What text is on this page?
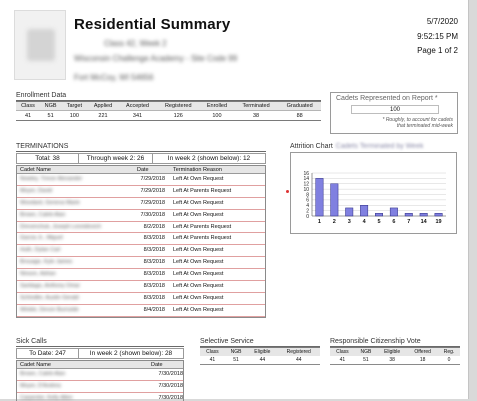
Residential Summary
Class 42, Week 2
Wisconsin Challenge Academy - Site Code 99
Fort McCoy, WI 54656
5/7/2020
9:52:15 PM
Page 1 of 2
Enrollment Data
Class	NGB	Target	Applied	Accepted	Registered	Enrolled	Terminated	Graduated
41	51	100	221	341	126	100	38	88
Cadets Represented on Report *
100
* Roughly, to account for cadets
that terminated mid-week
TERMINATIONS
Total: 38	Through week 2: 26	In week 2 (shown below): 12
Cadet Name	Date	Termination Reason
Nowley, Trevor Alexander	7/29/2018	Left At Own Request
Moyer, David	7/29/2018	Left At Parents Request
Woodard, Geneva Marie	7/29/2018	Left At Own Request
Brown, Caleb Alan	7/30/2018	Left At Own Request
Drevenchuk, Joseph Leonidovich	8/2/2018	Left At Parents Request
Garcia Jr., Miguel	8/3/2018	Left At Parents Request
Huth, Dylan Carl	8/3/2018	Left At Own Request
Brouage, Kyle James	8/3/2018	Left At Own Request
Ninson, Adrian	8/3/2018	Left At Own Request
Santiago, Anthony Omar	8/3/2018	Left At Own Request
Schindler, Austin Gerald	8/3/2018	Left At Own Request
Winkle, Devon Burnside	8/4/2018	Left At Own Request
Attrition Chart Cadets Terminated by Week
0
2
4
6
8
10
12
14
16
1 2 3 4 5 6 7 14 19
Sick Calls
To Date: 247	In week 2 (shown below): 28
Cadet Name	Date
Brown, Caleb Alan	7/30/2018
Moyer, D'Andrea	7/30/2018
Carpenter, Kelly Allen	7/30/2018
Selective Service
Class	NGB	Eligible	Registered
41	51	44	44
Responsible Citizenship Vote
Class	NGB	Eligible	Offered	Reg.
41	51	38	18	0
